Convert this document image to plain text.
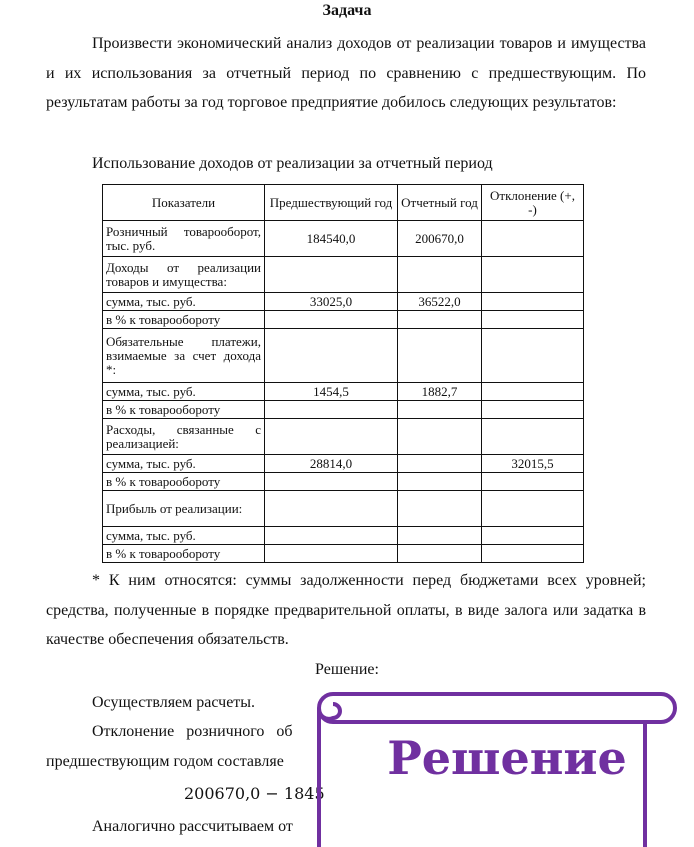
Задача
Произвести экономический анализ доходов от реализации товаров и имущества и их использования за отчетный период по сравнению с предшествующим. По результатам работы за год торговое предприятие добилось следующих результатов:
Использование доходов от реализации за отчетный период
Показатели	Предшествующий год	Отчетный год	Отклонение (+, -)
Розничный товарооборот, тыс. руб.	184540,0	200670,0	
Доходы от реализации товаров и имущества:			
сумма, тыс. руб.	33025,0	36522,0	
в % к товарообороту			
Обязательные платежи, взимаемые за счет дохода *:			
сумма, тыс. руб.	1454,5	1882,7	
в % к товарообороту			
Расходы, связанные с реализацией:			
сумма, тыс. руб.	28814,0		32015,5
в % к товарообороту			
Прибыль от реализации:			
сумма, тыс. руб.			
в % к товарообороту			
* К ним относятся: суммы задолженности перед бюджетами всех уровней; средства, полученные в порядке предварительной оплаты, в виде залога или задатка в качестве обеспечения обязательств.
Решение:
Осуществляем расчеты.
Отклонение розничного об
предшествующим годом составляе
200670,0 − 1845
Аналогично рассчитываем от
Решение
